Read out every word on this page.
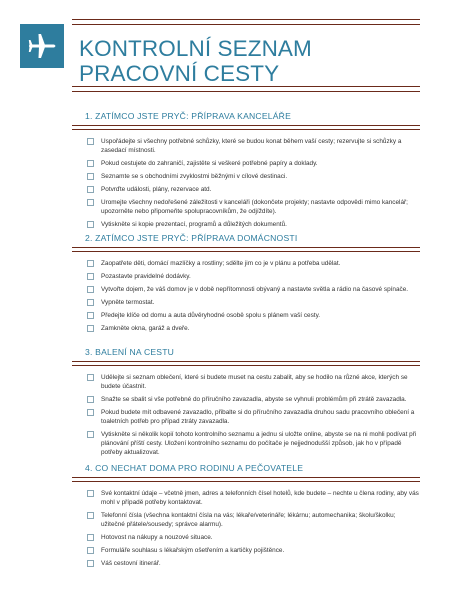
KONTROLNÍ SEZNAM
PRACOVNÍ CESTY
1. ZATÍMCO JSTE PRYČ: PŘÍPRAVA KANCELÁŘE
Uspořádejte si všechny potřebné schůzky, které se budou konat během vaší cesty; rezervujte si schůzky a zasedací místnosti.
Pokud cestujete do zahraničí, zajistěte si veškeré potřebné papíry a doklady.
Seznamte se s obchodními zvyklostmi běžnými v cílové destinaci.
Potvrďte události, plány, rezervace atd.
Uromejte všechny nedořešené záležitosti v kanceláři (dokončete projekty; nastavte odpovědi mimo kancelář; upozorněte nebo připomeňte spolupracovníkům, že odjíždíte).
Vytiskněte si kopie prezentací, programů a důležitých dokumentů.
2. ZATÍMCO JSTE PRYČ: PŘÍPRAVA DOMÁCNOSTI
Zaopatřete děti, domácí mazlíčky a rostliny; sdělte jim co je v plánu a potřeba udělat.
Pozastavte pravidelné dodávky.
Vytvořte dojem, že váš domov je v době nepřítomnosti obývaný a nastavte světla a rádio na časové spínače.
Vypněte termostat.
Předejte klíče od domu a auta důvěryhodné osobě spolu s plánem vaší cesty.
Zamkněte okna, garáž a dveře.
3. BALENÍ NA CESTU
Udělejte si seznam oblečení, které si budete muset na cestu zabalit, aby se hodilo na různé akce, kterých se budete účastnit.
Snažte se sbalit si vše potřebné do příručního zavazadla, abyste se vyhnuli problémům při ztrátě zavazadla.
Pokud budete mít odbavené zavazadlo, přibalte si do příručního zavazadla druhou sadu pracovního oblečení a toaletních potřeb pro případ ztráty zavazadla.
Vytiskněte si několik kopií tohoto kontrolního seznamu a jednu si uložte online, abyste se na ni mohli podívat při plánování příští cesty. Uložení kontrolního seznamu do počítače je nejjednodušší způsob, jak ho v případě potřeby aktualizovat.
4. CO NECHAT DOMA PRO RODINU A PEČOVATELE
Své kontaktní údaje – včetně jmen, adres a telefonních čísel hotelů, kde budete – nechte u člena rodiny, aby vás mohl v případě potřeby kontaktovat.
Telefonní čísla (všechna kontaktní čísla na vás; lékaře/veterináře; lékárnu; automechanika; školu/školku; užitečné přátele/sousedy; správce alarmu).
Hotovost na nákupy a nouzové situace.
Formuláře souhlasu s lékařským ošetřením a kartičky pojištěnce.
Váš cestovní itinerář.
